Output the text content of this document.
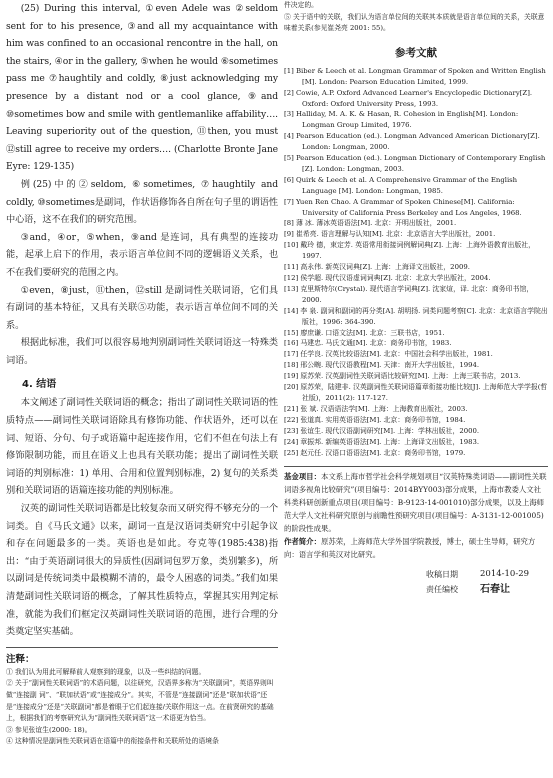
(25) During this interval, ①even Adele was ②seldom sent for to his presence, ③and all my acquaintance with him was confined to an occasional rencontre in the hall, on the stairs, ④or in the gallery, ⑤when he would ⑥sometimes pass me ⑦haughtily and coldly, ⑧just acknowledging my presence by a distant nod or a cool glance, ⑨and ⑩sometimes bow and smile with gentlemanlike affability…. Leaving superiority out of the question, ⑪then, you must ⑫still agree to receive my orders…. (Charlotte Bronte Jane Eyre: 129-135)

例(25)中的②seldom, ⑥sometimes, ⑦haughtily and coldly, ⑩sometimes是副词，作状语修饰各自所在句子里的谓语性中心语，这不在我们的研究范围。

③and，④or，⑤when，⑨and 是连词，具有典型的连接功能，起承上启下的作用，表示语言单位间不同的逻辑语义关系，也不在我们要研究的范围之内。

①even，⑧just，⑪then，⑫still 是副词性关联词语，它们具有副词的基本特征，又具有关联⑤功能，表示语言单位间不同的关系。

根据此标准，我们可以很容易地判别副词性关联词语这一特殊类词语。

4. 结语

本文阐述了副词性关联词语的概念；指出了副词性关联词语的性质特点——副词性关联词语除具有修饰功能、作状语外，还可以在词、短语、分句、句子或语篇中起连接作用，它们不但在句法上有修饰限制功能，而且在语义上也具有关联功能；提出了副词性关联词语的判别标准：1) 单用、合用和位置判别标准，2) 复句的关系类别和关联词语的语篇连接功能的判别标准。

汉英的副词性关联词语都是比较复杂而又研究得不够充分的一个词类。自《马氏文通》以来，副词一直是汉语词类研究中引起争议和存在问题最多的一类。英语也是如此。夸克等(1985:438)指出：“由于英语副词很大的异质性(因副词包罗万象，类别繁多)，所以副词是传统词类中最模糊不清的，最令人困惑的词类。”我们如果清楚副词性关联词语的概念，了解其性质特点，掌握其实用判定标准，就能为我们们框定汉英副词性关联词语的范围，进行合理的分类奠定坚实基础。

注释：

① 我们认为用此可解释前人观察到的现象，以及一些纠结的问题。

② 关于“副词性关联词语”的术语问题，以往研究，汉语界多称为“关联副词”，英语界则叫做“连接副 词”、“联加状语”或“连接成分”。其实，不管是“连接副词”还是“联加状语”还是“连接成分”还是“关联副词”都是着眼于它们起连接/关联作用这一点。在前贤研究的基础上，根据我们的考察研究认为“副词性关联词语”这一术语更为恰当。

③ 参见张谊生(2000: 18)。

④ 这种情况是副词性关联词语在语篇中的衔接条件和关联所处的语境条

件决定的。

⑤ 关于语中的关联，我们认为语言单位间的关联其本质就是语言单位间的关系，关联意味着关系(参见崔尧亮 2001: 55)。

参考文献

[1] Biber & Leech et al. Longman Grammar of Spoken and Written English [M]. London: Pearson Education Limited, 1999.

[2] Cowie, A.P. Oxford Advanced Learner's Encyclopedic Dictionary[Z]. Oxford: Oxford University Press, 1993.

[3] Halliday, M. A. K. & Hasan, R. Cohesion in English[M]. London: Longman Group Limited, 1976.

[4] Pearson Education (ed.). Longman Advanced American Dictionary[Z]. London: Longman, 2000.

[5] Pearson Education (ed.). Longman Dictionary of Contemporary English [Z]. London: Longman, 2003.

[6] Quirk & Leech et al. A Comprehensive Grammar of the English Language [M]. London: Longman, 1985.

[7] Yuen Ren Chao. A Grammar of Spoken Chinese[M]. California: University of California Press Berkeley and Los Angeles, 1968.

[8] 薄 冰. 薄冰英语语法[M]. 北京：开明出版社，2001.

[9] 崔希亮. 语言理解与认知[M]. 北京：北京语言大学出版社，2001.

[10] 戴玲 德，束定芳. 英语常用衔接词例解词典[Z]. 上海：上海外语教育出版社，1997.

[11] 高永伟. 新英汉词典[Z]. 上海：上海译文出版社，2009.

[12] 侯学超. 现代汉语虚词词典[Z]. 北京：北京大学出版社，2004.

[13] 克里斯特尔(Crystal). 现代语言学词典[Z]. 沈家煊，译. 北京：商务印书馆，2000.

[14] 李 泉. 副词和副词的再分类[A]. 胡明扬. 词类问题考察[C]. 北京：北京语言学院出版社，1996: 364-390.

[15] 廖庶谦. 口语文法[M]. 北京：三联书店，1951.

[16] 马建忠. 马氏文通[M]. 北京：商务印书馆，1983.

[17] 任学良. 汉英比较语法[M]. 北京：中国社会科学出版社，1981.

[18] 邢公畹. 现代汉语教程[M]. 天津：南开大学出版社，1994.

[19] 原苏荣. 汉英副词性关联词语比较研究[M]. 上海：上海三联书店，2013.

[20] 原苏荣，陆建非. 汉英副词性关联词语篇章衔接功能比较[J]. 上海师范大学学报(哲社版)，2011(2): 117-127.

[21] 张 斌. 汉语语法学[M]. 上海：上海教育出版社，2003.

[22] 张道真. 实用英语语法[M]. 北京：商务印书馆，1984.

[23] 张谊生. 现代汉语副词研究[M]. 上海：学林出版社，2000.

[24] 章振邦. 新编英语语法[M]. 上海：上海译文出版社，1983.

[25] 赵元任. 汉语口语语法[M]. 北京：商务印书馆，1979.

基金项目：本文系上海市哲学社会科学规划项目“汉英特殊类词语——副词性关联词语多视角比较研究”(项目编号：2014BYY003)部分成果，上海市教委人文社科类科研创新重点项目(项目编号：B-9123-14-001010)部分成果，以及上海师范大学人文社科研究原创与前瞻性预研究项目(项目编号：A-3131-12-001005)的阶段性成果。

作者简介：原苏荣，上海师范大学外国学院教授，博士，硕士生导师，研究方向：语言学和英汉对比研究。

收稿日期	2014-10-29
责任编校 石春让
